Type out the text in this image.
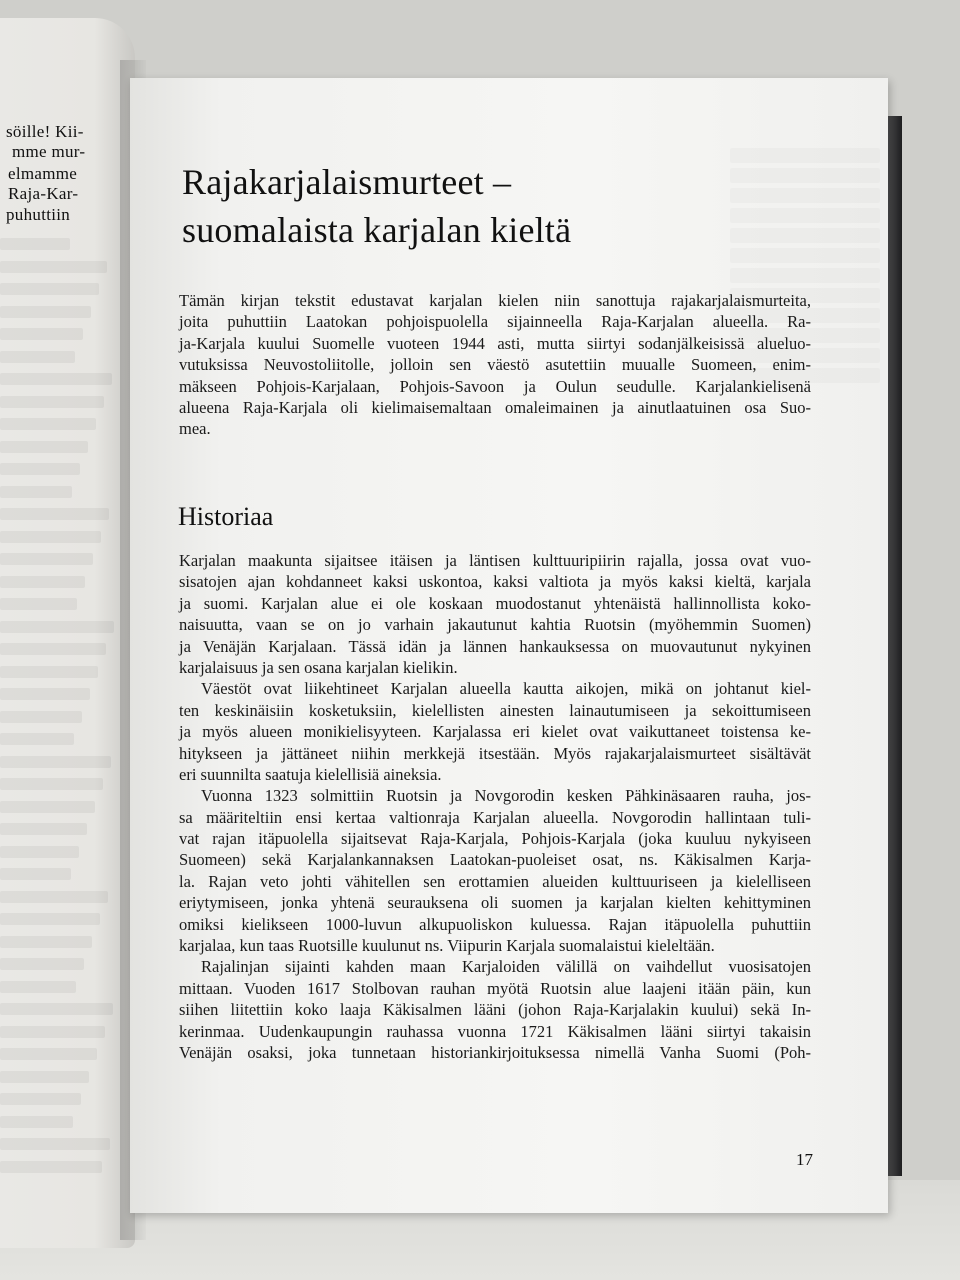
söille! Kii-
mme mur-
elmamme
Raja-Kar-
puhuttiin
Rajakarjalaismurteet –
suomalaista karjalan kieltä
Tämän kirjan tekstit edustavat karjalan kielen niin sanottuja rajakarjalaismurteita,
joita puhuttiin Laatokan pohjoispuolella sijainneella Raja-Karjalan alueella. Ra-
ja-Karjala kuului Suomelle vuoteen 1944 asti, mutta siirtyi sodanjälkeisissä alueluo-
vutuksissa Neuvostoliitolle, jolloin sen väestö asutettiin muualle Suomeen, enim-
mäkseen Pohjois-Karjalaan, Pohjois-Savoon ja Oulun seudulle. Karjalankielisenä
alueena Raja-Karjala oli kielimaisemaltaan omaleimainen ja ainutlaatuinen osa Suo-
mea.
Historiaa
Karjalan maakunta sijaitsee itäisen ja läntisen kulttuuripiirin rajalla, jossa ovat vuo-
sisatojen ajan kohdanneet kaksi uskontoa, kaksi valtiota ja myös kaksi kieltä, karjala
ja suomi. Karjalan alue ei ole koskaan muodostanut yhtenäistä hallinnollista koko-
naisuutta, vaan se on jo varhain jakautunut kahtia Ruotsin (myöhemmin Suomen)
ja Venäjän Karjalaan. Tässä idän ja lännen hankauksessa on muovautunut nykyinen
karjalaisuus ja sen osana karjalan kielikin.
Väestöt ovat liikehtineet Karjalan alueella kautta aikojen, mikä on johtanut kiel-
ten keskinäisiin kosketuksiin, kielellisten ainesten lainautumiseen ja sekoittumiseen
ja myös alueen monikielisyyteen. Karjalassa eri kielet ovat vaikuttaneet toistensa ke-
hitykseen ja jättäneet niihin merkkejä itsestään. Myös rajakarjalaismurteet sisältävät
eri suunnilta saatuja kielellisiä aineksia.
Vuonna 1323 solmittiin Ruotsin ja Novgorodin kesken Pähkinäsaaren rauha, jos-
sa määriteltiin ensi kertaa valtionraja Karjalan alueella. Novgorodin hallintaan tuli-
vat rajan itäpuolella sijaitsevat Raja-Karjala, Pohjois-Karjala (joka kuuluu nykyiseen
Suomeen) sekä Karjalankannaksen Laatokan-puoleiset osat, ns. Käkisalmen Karja-
la. Rajan veto johti vähitellen sen erottamien alueiden kulttuuriseen ja kielelliseen
eriytymiseen, jonka yhtenä seurauksena oli suomen ja karjalan kielten kehittyminen
omiksi kielikseen 1000-luvun alkupuoliskon kuluessa. Rajan itäpuolella puhuttiin
karjalaa, kun taas Ruotsille kuulunut ns. Viipurin Karjala suomalaistui kieleltään.
Rajalinjan sijainti kahden maan Karjaloiden välillä on vaihdellut vuosisatojen
mittaan. Vuoden 1617 Stolbovan rauhan myötä Ruotsin alue laajeni itään päin, kun
siihen liitettiin koko laaja Käkisalmen lääni (johon Raja-Karjalakin kuului) sekä In-
kerinmaa. Uudenkaupungin rauhassa vuonna 1721 Käkisalmen lääni siirtyi takaisin
Venäjän osaksi, joka tunnetaan historiankirjoituksessa nimellä Vanha Suomi (Poh-
17
